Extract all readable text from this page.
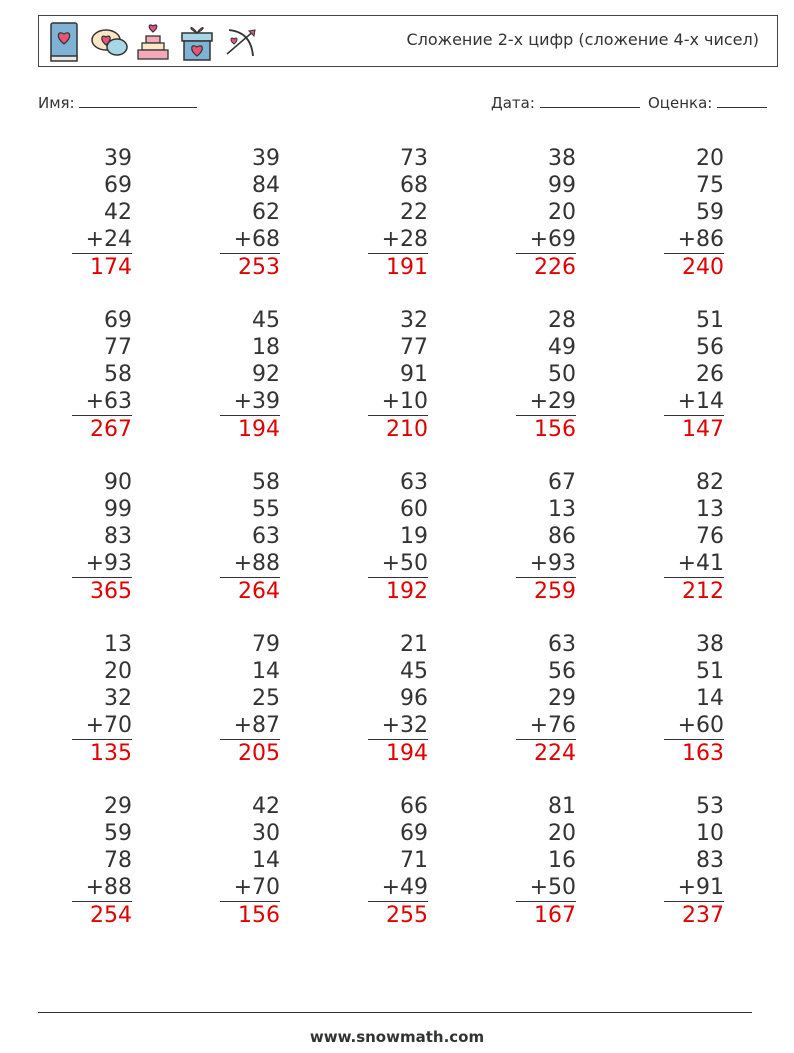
Сложение 2-х цифр (сложение 4-х чисел)
Имя:	Дата:	Оценка:
39
69
42
+24
174
39
84
62
+68
253
73
68
22
+28
191
38
99
20
+69
226
20
75
59
+86
240
69
77
58
+63
267
45
18
92
+39
194
32
77
91
+10
210
28
49
50
+29
156
51
56
26
+14
147
90
99
83
+93
365
58
55
63
+88
264
63
60
19
+50
192
67
13
86
+93
259
82
13
76
+41
212
13
20
32
+70
135
79
14
25
+87
205
21
45
96
+32
194
63
56
29
+76
224
38
51
14
+60
163
29
59
78
+88
254
42
30
14
+70
156
66
69
71
+49
255
81
20
16
+50
167
53
10
83
+91
237
www.snowmath.com
